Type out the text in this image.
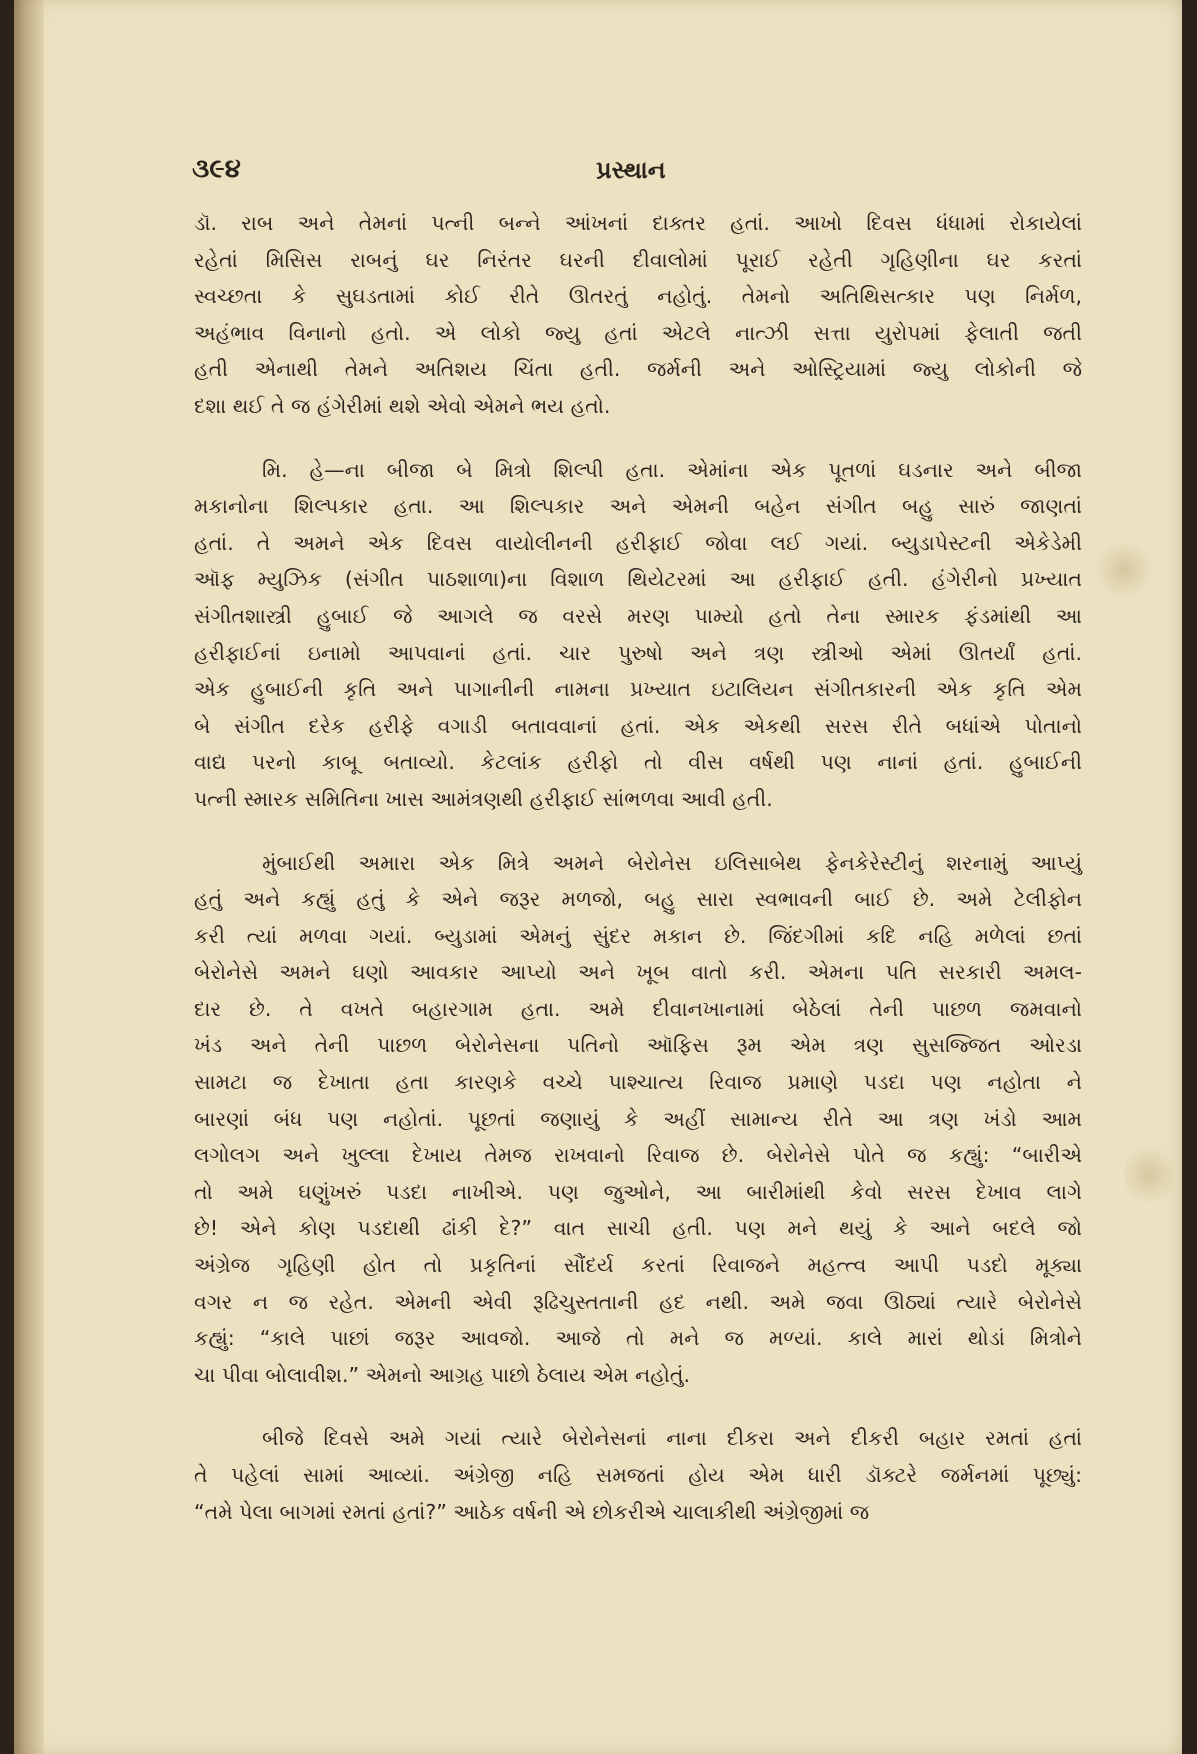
૩૯૪	પ્રસ્થાન
ડૉ. રાબ અને તેમનાં પત્ની બન્ને આંખનાં દાક્તર હતાં. આખો દિવસ ધંધામાં રોકાયેલાં
રહેતાં મિસિસ રાબનું ઘર નિરંતર ઘરની દીવાલોમાં પૂરાઈ રહેતી ગૃહિણીના ઘર કરતાં
સ્વચ્છતા કે સુઘડતામાં કોઈ રીતે ઊતરતું નહોતું. તેમનો અતિથિસત્કાર પણ નિર્મળ,
અહંભાવ વિનાનો હતો. એ લોકો જ્યુ હતાં એટલે નાત્ઝી સત્તા યુરોપમાં ફેલાતી જતી
હતી એનાથી તેમને અતિશય ચિંતા હતી. જર્મની અને ઓસ્ટ્રિયામાં જ્યુ લોકોની જે
દશા થઈ તે જ હંગેરીમાં થશે એવો એમને ભય હતો.
મિ. હે—ના બીજા બે મિત્રો શિલ્પી હતા. એમાંના એક પૂતળાં ઘડનાર અને બીજા
મકાનોના શિલ્પકાર હતા. આ શિલ્પકાર અને એમની બહેન સંગીત બહુ સારું જાણતાં
હતાં. તે અમને એક દિવસ વાયોલીનની હરીફાઈ જોવા લઈ ગયાં. બ્યુડાપેસ્ટની એકેડેમી
ઑફ મ્યુઝિક (સંગીત પાઠશાળા)ના વિશાળ થિયેટરમાં આ હરીફાઈ હતી. હંગેરીનો પ્રખ્યાત
સંગીતશાસ્ત્રી હુબાઈ જે આગલે જ વરસે મરણ પામ્યો હતો તેના સ્મારક ફંડમાંથી આ
હરીફાઈનાં ઇનામો આપવાનાં હતાં. ચાર પુરુષો અને ત્રણ સ્ત્રીઓ એમાં ઊતર્યાં હતાં.
એક હુબાઈની કૃતિ અને પાગાનીની નામના પ્રખ્યાત ઇટાલિયન સંગીતકારની એક કૃતિ એમ
બે સંગીત દરેક હરીફે વગાડી બતાવવાનાં હતાં. એક એકથી સરસ રીતે બધાંએ પોતાનો
વાદ્ય પરનો કાબૂ બતાવ્યો. કેટલાંક હરીફો તો વીસ વર્ષથી પણ નાનાં હતાં. હુબાઈની
પત્ની સ્મારક સમિતિના ખાસ આમંત્રણથી હરીફાઈ સાંભળવા આવી હતી.
મુંબાઈથી અમારા એક મિત્રે અમને બેરોનેસ ઇલિસાબેથ ફેનકેરેસ્ટીનું શરનામું આપ્યું
હતું અને કહ્યું હતું કે એને જરૂર મળજો, બહુ સારા સ્વભાવની બાઈ છે. અમે ટેલીફોન
કરી ત્યાં મળવા ગયાં. બ્યુડામાં એમનું સુંદર મકાન છે. જિંદગીમાં કદિ નહિ મળેલાં છતાં
બેરોનેસે અમને ઘણો આવકાર આપ્યો અને ખૂબ વાતો કરી. એમના પતિ સરકારી અમલ-
દાર છે. તે વખતે બહારગામ હતા. અમે દીવાનખાનામાં બેઠેલાં તેની પાછળ જમવાનો
ખંડ અને તેની પાછળ બેરોનેસના પતિનો ઑફિસ રૂમ એમ ત્રણ સુસજ્જિત ઓરડા
સામટા જ દેખાતા હતા કારણકે વચ્ચે પાશ્ચાત્ય રિવાજ પ્રમાણે પડદા પણ નહોતા ને
બારણાં બંધ પણ નહોતાં. પૂછતાં જણાયું કે અહીં સામાન્ય રીતે આ ત્રણ ખંડો આમ
લગોલગ અને ખુલ્લા દેખાય તેમજ રાખવાનો રિવાજ છે. બેરોનેસે પોતે જ કહ્યું: “બારીએ
તો અમે ઘણુંખરું પડદા નાખીએ. પણ જુઓને, આ બારીમાંથી કેવો સરસ દેખાવ લાગે
છે! એને કોણ પડદાથી ઢાંકી દે?” વાત સાચી હતી. પણ મને થયું કે આને બદલે જો
અંગ્રેજ ગૃહિણી હોત તો પ્રકૃતિનાં સૌંદર્ય કરતાં રિવાજને મહત્ત્વ આપી પડદો મૂક્યા
વગર ન જ રહેત. એમની એવી રૂઢિચુસ્તતાની હદ નથી. અમે જવા ઊઠ્યાં ત્યારે બેરોનેસે
કહ્યું: “કાલે પાછાં જરૂર આવજો. આજે તો મને જ મળ્યાં. કાલે મારાં થોડાં મિત્રોને
ચા પીવા બોલાવીશ.” એમનો આગ્રહ પાછો ઠેલાય એમ નહોતું.
બીજે દિવસે અમે ગયાં ત્યારે બેરોનેસનાં નાના દીકરા અને દીકરી બહાર રમતાં હતાં
તે પહેલાં સામાં આવ્યાં. અંગ્રેજી નહિ સમજતાં હોય એમ ધારી ડૉક્ટરે જર્મનમાં પૂછ્યું:
“તમે પેલા બાગમાં રમતાં હતાં?” આઠેક વર્ષની એ છોકરીએ ચાલાકીથી અંગ્રેજીમાં જ
